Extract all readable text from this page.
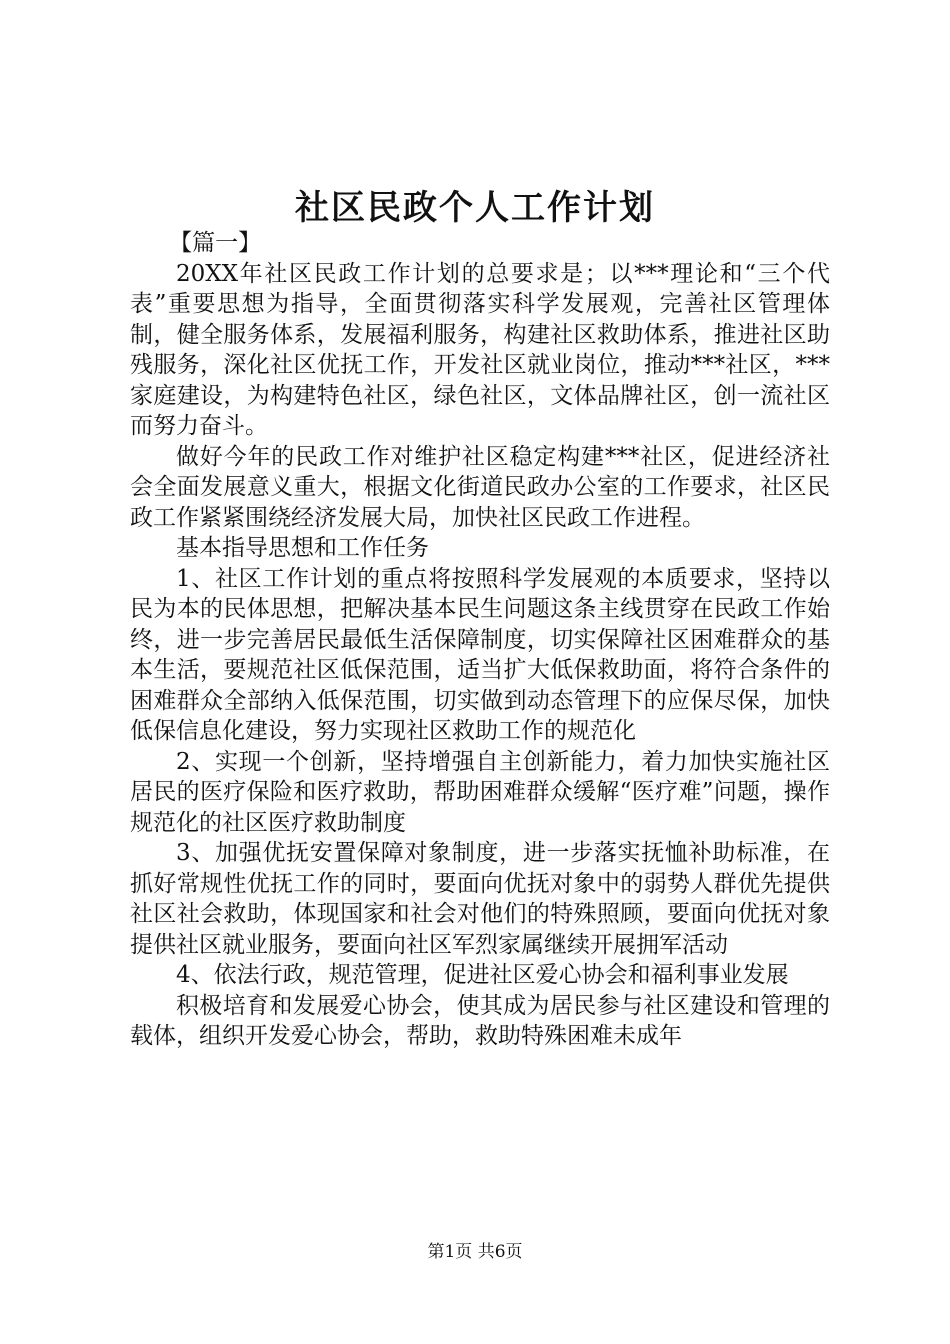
社区民政个人工作计划
【篇一】

20XX年社区民政工作计划的总要求是；以***理论和“三个代表”重要思想为指导，全面贯彻落实科学发展观，完善社区管理体制，健全服务体系，发展福利服务，构建社区救助体系，推进社区助残服务，深化社区优抚工作，开发社区就业岗位，推动***社区，***家庭建设，为构建特色社区，绿色社区，文体品牌社区，创一流社区而努力奋斗。

做好今年的民政工作对维护社区稳定构建***社区，促进经济社会全面发展意义重大，根据文化街道民政办公室的工作要求，社区民政工作紧紧围绕经济发展大局，加快社区民政工作进程。

基本指导思想和工作任务

1、社区工作计划的重点将按照科学发展观的本质要求，坚持以民为本的民体思想，把解决基本民生问题这条主线贯穿在民政工作始终，进一步完善居民最低生活保障制度，切实保障社区困难群众的基本生活，要规范社区低保范围，适当扩大低保救助面，将符合条件的困难群众全部纳入低保范围，切实做到动态管理下的应保尽保，加快低保信息化建设，努力实现社区救助工作的规范化

2、实现一个创新，坚持增强自主创新能力，着力加快实施社区居民的医疗保险和医疗救助，帮助困难群众缓解“医疗难”问题，操作规范化的社区医疗救助制度

3、加强优抚安置保障对象制度，进一步落实抚恤补助标准，在抓好常规性优抚工作的同时，要面向优抚对象中的弱势人群优先提供社区社会救助，体现国家和社会对他们的特殊照顾，要面向优抚对象提供社区就业服务，要面向社区军烈家属继续开展拥军活动

4、依法行政，规范管理，促进社区爱心协会和福利事业发展

积极培育和发展爱心协会，使其成为居民参与社区建设和管理的载体，组织开发爱心协会，帮助，救助特殊困难未成年

第1页 共6页
